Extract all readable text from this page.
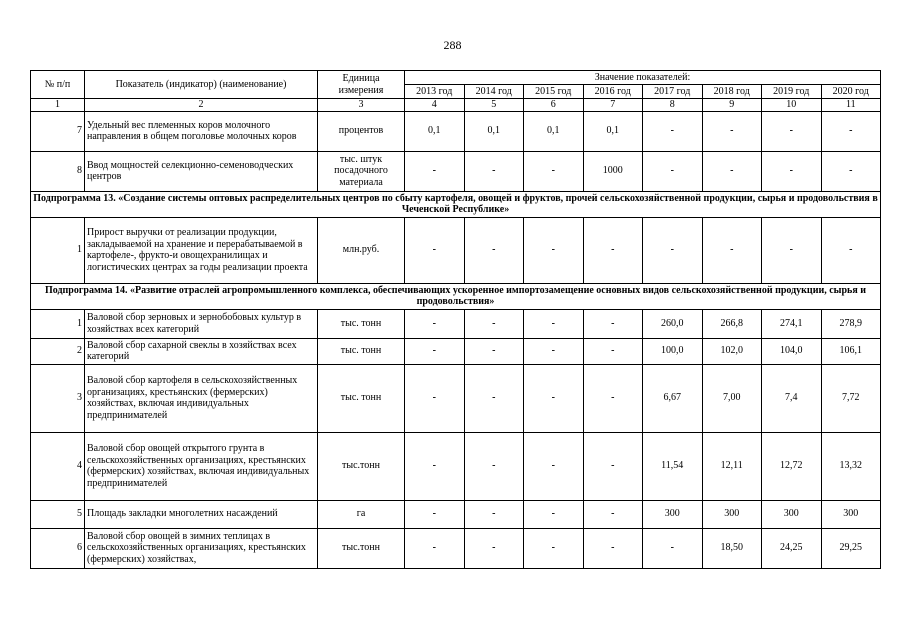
288
№ п/п	Показатель (индикатор) (наименование)	Единица измерения	Значение показателей:							
			2013 год	2014 год	2015 год	2016 год	2017 год	2018 год	2019 год	2020 год
1	2	3	4	5	6	7	8	9	10	11
7	Удельный вес племенных коров молочного направления в общем поголовье молочных коров	процентов	0,1	0,1	0,1	0,1	-	-	-	-
8	Ввод мощностей селекционно-семеноводческих центров	тыс. штук посадочного материала	-	-	-	1000	-	-	-	-
Подпрограмма 13. «Создание системы оптовых распределительных центров по сбыту картофеля, овощей и фруктов, прочей сельскохозяйственной продукции, сырья и продовольствия в Чеченской Республике»										
1	Прирост выручки от реализации продукции, закладываемой на хранение и перерабатываемой в картофеле-, фрукто-и овощехранилищах и логистических центрах за годы реализации проекта	млн.руб.	-	-	-	-	-	-	-	-
Подпрограмма 14. «Развитие отраслей агропромышленного комплекса, обеспечивающих ускоренное импортозамещение основных видов сельскохозяйственной продукции, сырья и продовольствия»										
1	Валовой сбор зерновых и зернобобовых культур в хозяйствах всех категорий	тыс. тонн	-	-	-	-	260,0	266,8	274,1	278,9
2	Валовой сбор сахарной свеклы в хозяйствах всех категорий	тыс. тонн	-	-	-	-	100,0	102,0	104,0	106,1
3	Валовой сбор картофеля в сельскохозяйственных организациях, крестьянских (фермерских) хозяйствах, включая индивидуальных предпринимателей	тыс. тонн	-	-	-	-	6,67	7,00	7,4	7,72
4	Валовой сбор овощей открытого грунта в сельскохозяйственных организациях, крестьянских (фермерских) хозяйствах, включая индивидуальных предпринимателей	тыс.тонн	-	-	-	-	11,54	12,11	12,72	13,32
5	Площадь закладки многолетних насаждений	га	-	-	-	-	300	300	300	300
6	Валовой сбор овощей в зимних теплицах в сельскохозяйственных организациях, крестьянских (фермерских) хозяйствах,	тыс.тонн	-	-	-	-	-	18,50	24,25	29,25
